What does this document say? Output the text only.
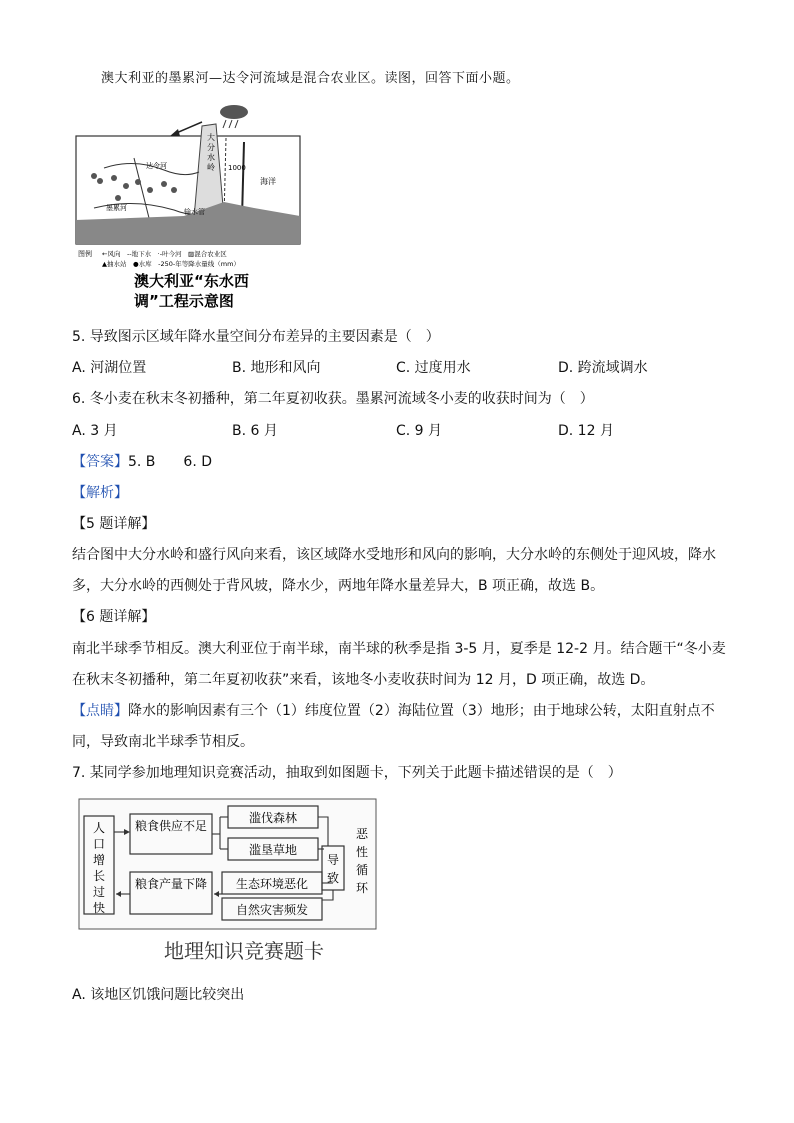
澳大利亚的墨累河—达令河流域是混合农业区。读图，回答下面小题。
大分水岭
海洋
达令河
墨累河
1000
输水管
图例 ←风向　--地下水　·-叶今河　▨混合农业区
▲抽水站　●水库　-250-年等降水量线（mm）
澳大利亚“东水西
调”工程示意图
5. 导致图示区域年降水量空间分布差异的主要因素是（　）
A. 河湖位置	B. 地形和风向	C. 过度用水	D. 跨流域调水
6. 冬小麦在秋末冬初播种，第二年夏初收获。墨累河流域冬小麦的收获时间为（　）
A. 3 月	B. 6 月	C. 9 月	D. 12 月
【答案】5. B　　6. D
【解析】
【5 题详解】
结合图中大分水岭和盛行风向来看，该区域降水受地形和风向的影响，大分水岭的东侧处于迎风坡，降水
多，大分水岭的西侧处于背风坡，降水少，两地年降水量差异大，B 项正确，故选 B。
【6 题详解】
南北半球季节相反。澳大利亚位于南半球，南半球的秋季是指 3-5 月，夏季是 12-2 月。结合题干“冬小麦
在秋末冬初播种，第二年夏初收获”来看，该地冬小麦收获时间为 12 月，D 项正确，故选 D。
【点睛】降水的影响因素有三个（1）纬度位置（2）海陆位置（3）地形；由于地球公转，太阳直射点不
同，导致南北半球季节相反。
7. 某同学参加地理知识竞赛活动，抽取到如图题卡，下列关于此题卡描述错误的是（　）
人口增长过快
粮食供应不足
滥伐森林
滥垦草地
导致
恶性循环
粮食产量下降 生态环境恶化
自然灾害频发
地理知识竞赛题卡
A. 该地区饥饿问题比较突出
